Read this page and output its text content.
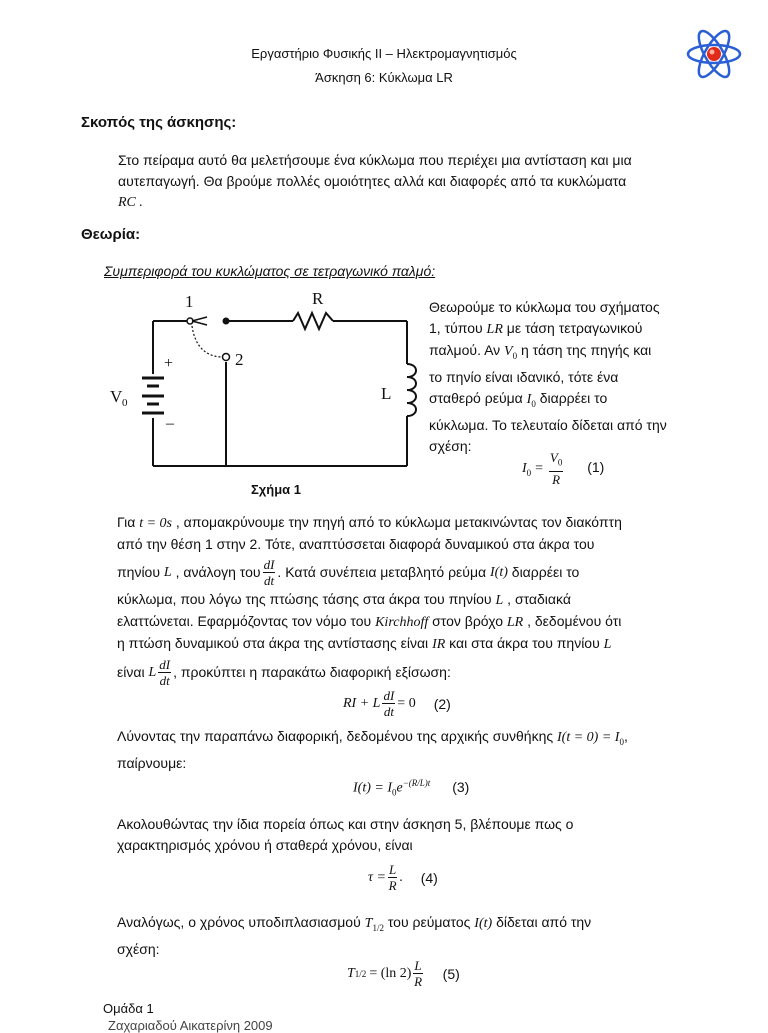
Εργαστήριο Φυσικής ΙΙ – Ηλεκτρομαγνητισμός
Άσκηση 6: Κύκλωμα LR
Σκοπός της άσκησης:
Στο πείραμα αυτό θα μελετήσουμε ένα κύκλωμα που περιέχει μια αντίσταση και μια
αυτεπαγωγή. Θα βρούμε πολλές ομοιότητες αλλά και διαφορές από τα κυκλώματα
RC .
Θεωρία:
Συμπεριφορά του κυκλώματος σε τετραγωνικό παλμό:
1
2
R
L
V 0
+
–
Σχήμα 1
Θεωρούμε το κύκλωμα του σχήματος
1, τύπου LR με τάση τετραγωνικού
παλμού. Αν $V_0$ η τάση της πηγής και
το πηνίο είναι ιδανικό, τότε ένα
σταθερό ρεύμα $I_0$ διαρρέει το
κύκλωμα. Το τελευταίο δίδεται από την
σχέση:
$I_0 = \frac{V_0}{R} (1)$
Για t = 0s , απομακρύνουμε την πηγή από το κύκλωμα μετακινώντας τον διακόπτη
από την θέση 1 στην 2. Τότε, αναπτύσσεται διαφορά δυναμικού στα άκρα του
πηνίου
L
, ανάλογη του $\frac{dI}{dt}$ . Κατά συνέπεια μεταβλητό ρεύμα
I(t)
διαρρέει το
κύκλωμα, που λόγω της πτώσης τάσης στα άκρα του πηνίου L , σταδιακά
ελαττώνεται. Εφαρμόζοντας τον νόμο του Kirchhoff στον βρόχο LR , δεδομένου ότι
η πτώση δυναμικού στα άκρα της αντίστασης είναι IR και στα άκρα του πηνίου L
είναι
L $\frac{dI}{dt}$ , προκύπτει η παρακάτω διαφορική εξίσωση:
RI + L $\frac{dI}{dt} = 0$ (2)
Λύνοντας την παραπάνω διαφορική, δεδομένου της αρχικής συνθήκης $I(t = 0) = I_0$,
παίρνουμε:
$I(t) = I_0e^{-(R/L)t}$ (3)
Ακολουθώντας την ίδια πορεία όπως και στην άσκηση 5, βλέπουμε πως ο
χαρακτηρισμός χρόνου ή σταθερά χρόνου, είναι
$\tau = \frac{L}{R}$ . (4)
Αναλόγως, ο χρόνος υποδιπλασιασμού $T_{1/2}$ του ρεύματος I(t) δίδεται από την
σχέση:
T 1/2 = (ln $2) \frac{L}{R} (5)$
Ομάδα 1
Ζαχαριαδού Αικατερίνη 2009
